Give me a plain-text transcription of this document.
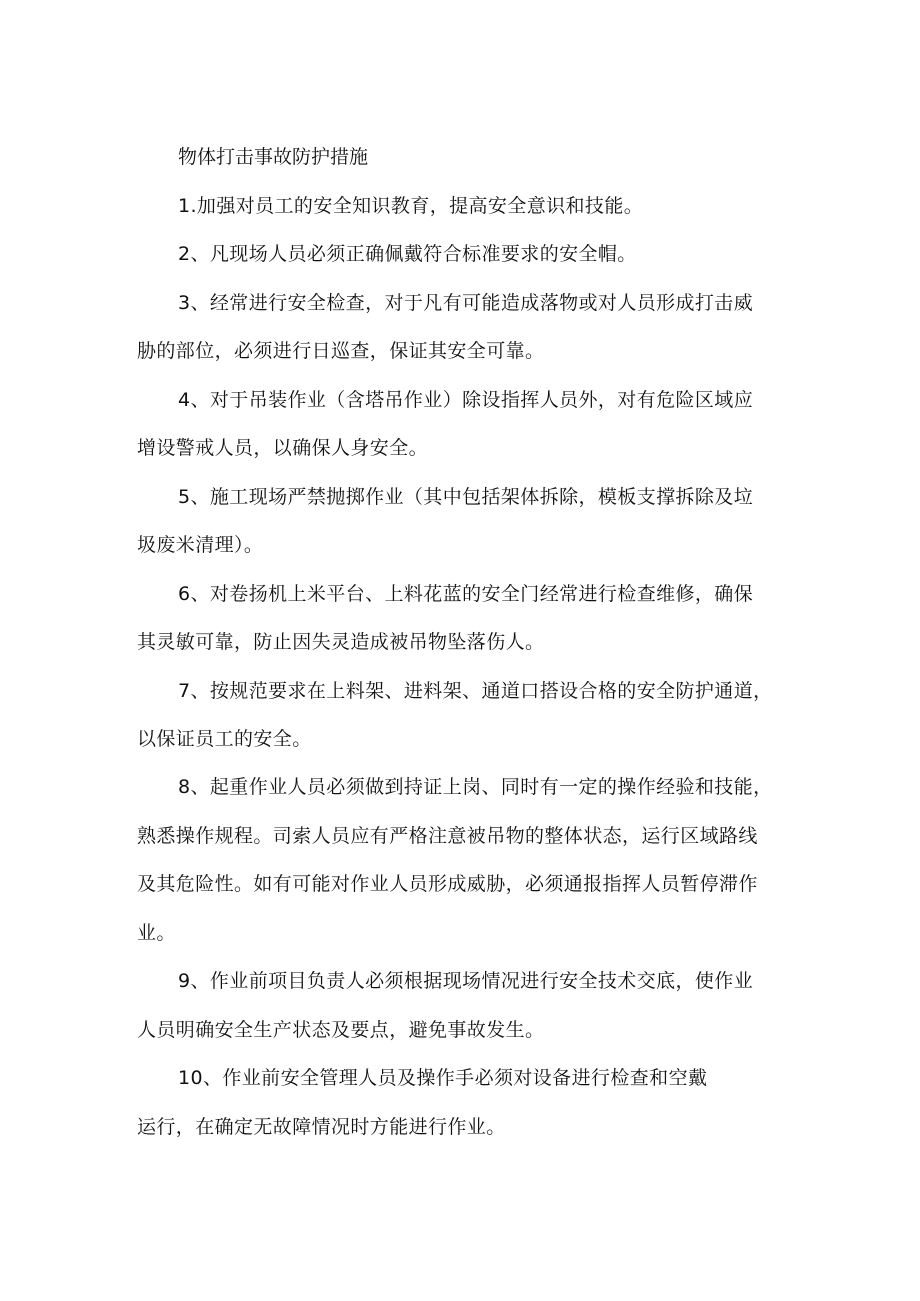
物体打击事故防护措施
1.加强对员工的安全知识教育，提高安全意识和技能。
2、凡现场人员必须正确佩戴符合标准要求的安全帽。
3、经常进行安全检查，对于凡有可能造成落物或对人员形成打击威
胁的部位，必须进行日巡查，保证其安全可靠。
4、对于吊装作业（含塔吊作业）除设指挥人员外，对有危险区域应
增设警戒人员，以确保人身安全。
5、施工现场严禁抛掷作业（其中包括架体拆除，模板支撑拆除及垃
圾废米清理）。
6、对卷扬机上米平台、上料花蓝的安全门经常进行检查维修，确保
其灵敏可靠，防止因失灵造成被吊物坠落伤人。
7、按规范要求在上料架、进料架、通道口搭设合格的安全防护通道，
以保证员工的安全。
8、起重作业人员必须做到持证上岗、同时有一定的操作经验和技能，
熟悉操作规程。司索人员应有严格注意被吊物的整体状态，运行区域路线
及其危险性。如有可能对作业人员形成威胁，必须通报指挥人员暂停滞作
业。
9、作业前项目负责人必须根据现场情况进行安全技术交底，使作业
人员明确安全生产状态及要点，避免事故发生。
10、作业前安全管理人员及操作手必须对设备进行检查和空戴
运行，在确定无故障情况时方能进行作业。
